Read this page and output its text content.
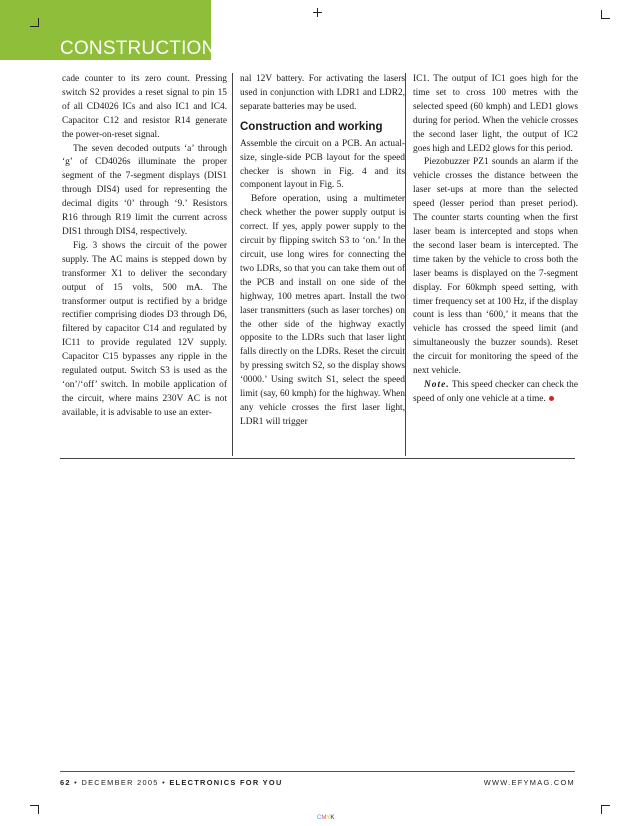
CONSTRUCTION

cade counter to its zero count. Pressing switch S2 provides a reset signal to pin 15 of all CD4026 ICs and also IC1 and IC4. Capacitor C12 and resistor R14 generate the power-on-reset signal.

The seven decoded outputs ‘a’ through ‘g’ of CD4026s illuminate the proper segment of the 7-segment displays (DIS1 through DIS4) used for representing the decimal digits ‘0’ through ‘9.’ Resistors R16 through R19 limit the current across DIS1 through DIS4, respectively.

Fig. 3 shows the circuit of the power supply. The AC mains is stepped down by transformer X1 to deliver the secondary output of 15 volts, 500 mA. The transformer output is rectified by a bridge rectifier comprising diodes D3 through D6, filtered by capacitor C14 and regulated by IC11 to provide regulated 12V supply. Capacitor C15 bypasses any ripple in the regulated output. Switch S3 is used as the ‘on’/‘off’ switch. In mobile application of the circuit, where mains 230V AC is not available, it is advisable to use an exter-

nal 12V battery. For activating the lasers used in conjunction with LDR1 and LDR2, separate batteries may be used.

Construction and working

Assemble the circuit on a PCB. An actual-size, single-side PCB layout for the speed checker is shown in Fig. 4 and its component layout in Fig. 5.

Before operation, using a multimeter check whether the power supply output is correct. If yes, apply power supply to the circuit by flipping switch S3 to ‘on.’ In the circuit, use long wires for connecting the two LDRs, so that you can take them out of the PCB and install on one side of the highway, 100 metres apart. Install the two laser transmitters (such as laser torches) on the other side of the highway exactly opposite to the LDRs such that laser light falls directly on the LDRs. Reset the circuit by pressing switch S2, so the display shows ‘0000.’ Using switch S1, select the speed limit (say, 60 kmph) for the highway. When any vehicle crosses the first laser light, LDR1 will trigger

IC1. The output of IC1 goes high for the time set to cross 100 metres with the selected speed (60 kmph) and LED1 glows during for period. When the vehicle crosses the second laser light, the output of IC2 goes high and LED2 glows for this period.

Piezobuzzer PZ1 sounds an alarm if the vehicle crosses the distance between the laser set-ups at more than the selected speed (lesser period than preset period). The counter starts counting when the first laser beam is intercepted and stops when the second laser beam is intercepted. The time taken by the vehicle to cross both the laser beams is displayed on the 7-segment display. For 60kmph speed setting, with timer frequency set at 100 Hz, if the display count is less than ‘600,’ it means that the vehicle has crossed the speed limit (and simultaneously the buzzer sounds). Reset the circuit for monitoring the speed of the next vehicle.

Note. This speed checker can check the speed of only one vehicle at a time.

62 • DECEMBER 2005 • ELECTRONICS FOR YOU	WWW.EFYMAG.COM
CMYK
